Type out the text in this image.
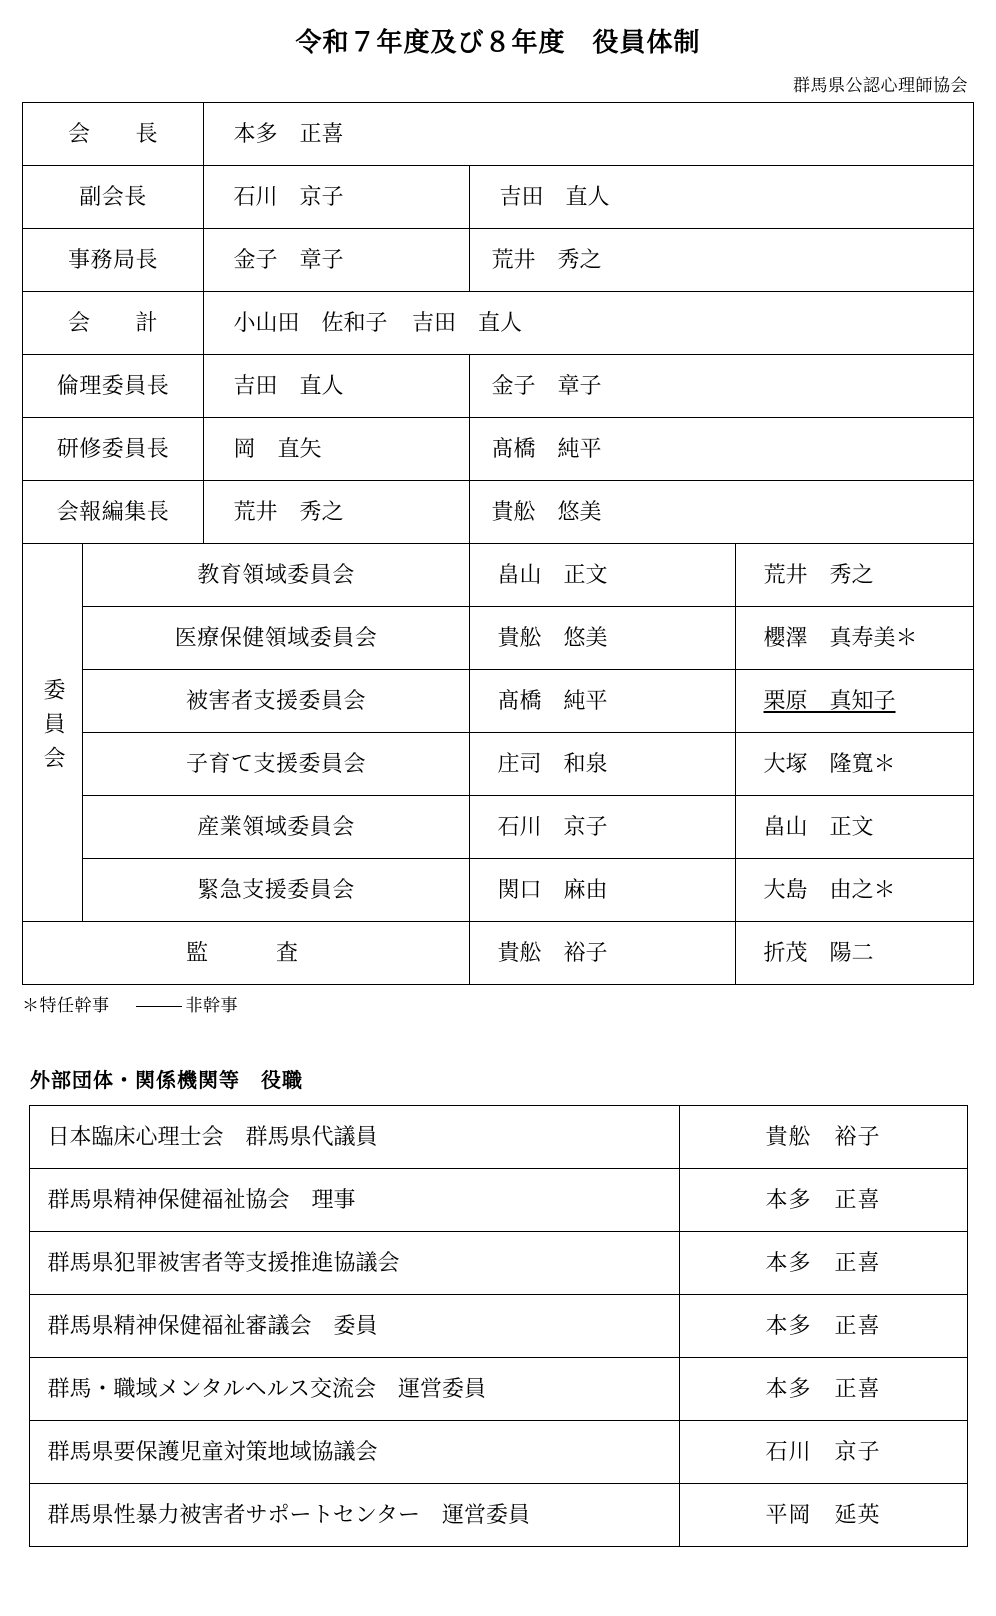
令和７年度及び８年度　役員体制
群馬県公認心理師協会
会　　長		本多　正喜		
副会長		石川　京子	吉田　直人	
事務局長		金子　章子	荒井　秀之	
会　　計		小山田　佐和子 吉田　直人		
倫理委員長		吉田　直人	金子　章子	
研修委員長		岡　直矢	髙橋　純平	
会報編集長		荒井　秀之	貴舩　悠美	
委員会	教育領域委員会		畠山　正文	荒井　秀之
	医療保健領域委員会		貴舩　悠美	櫻澤　真寿美＊
	被害者支援委員会		髙橋　純平	栗原　真知子
	子育て支援委員会		庄司　和泉	大塚　隆寬＊
	産業領域委員会		石川　京子	畠山　正文
	緊急支援委員会		関口　麻由	大島　由之＊
監　　査			貴舩　裕子	折茂　陽二
＊特任幹事	非幹事
外部団体・関係機関等　役職
日本臨床心理士会　群馬県代議員	貴舩　裕子
群馬県精神保健福祉協会　理事	本多　正喜
群馬県犯罪被害者等支援推進協議会	本多　正喜
群馬県精神保健福祉審議会　委員	本多　正喜
群馬・職域メンタルヘルス交流会　運営委員	本多　正喜
群馬県要保護児童対策地域協議会	石川　京子
群馬県性暴力被害者サポートセンター　運営委員	平岡　延英
